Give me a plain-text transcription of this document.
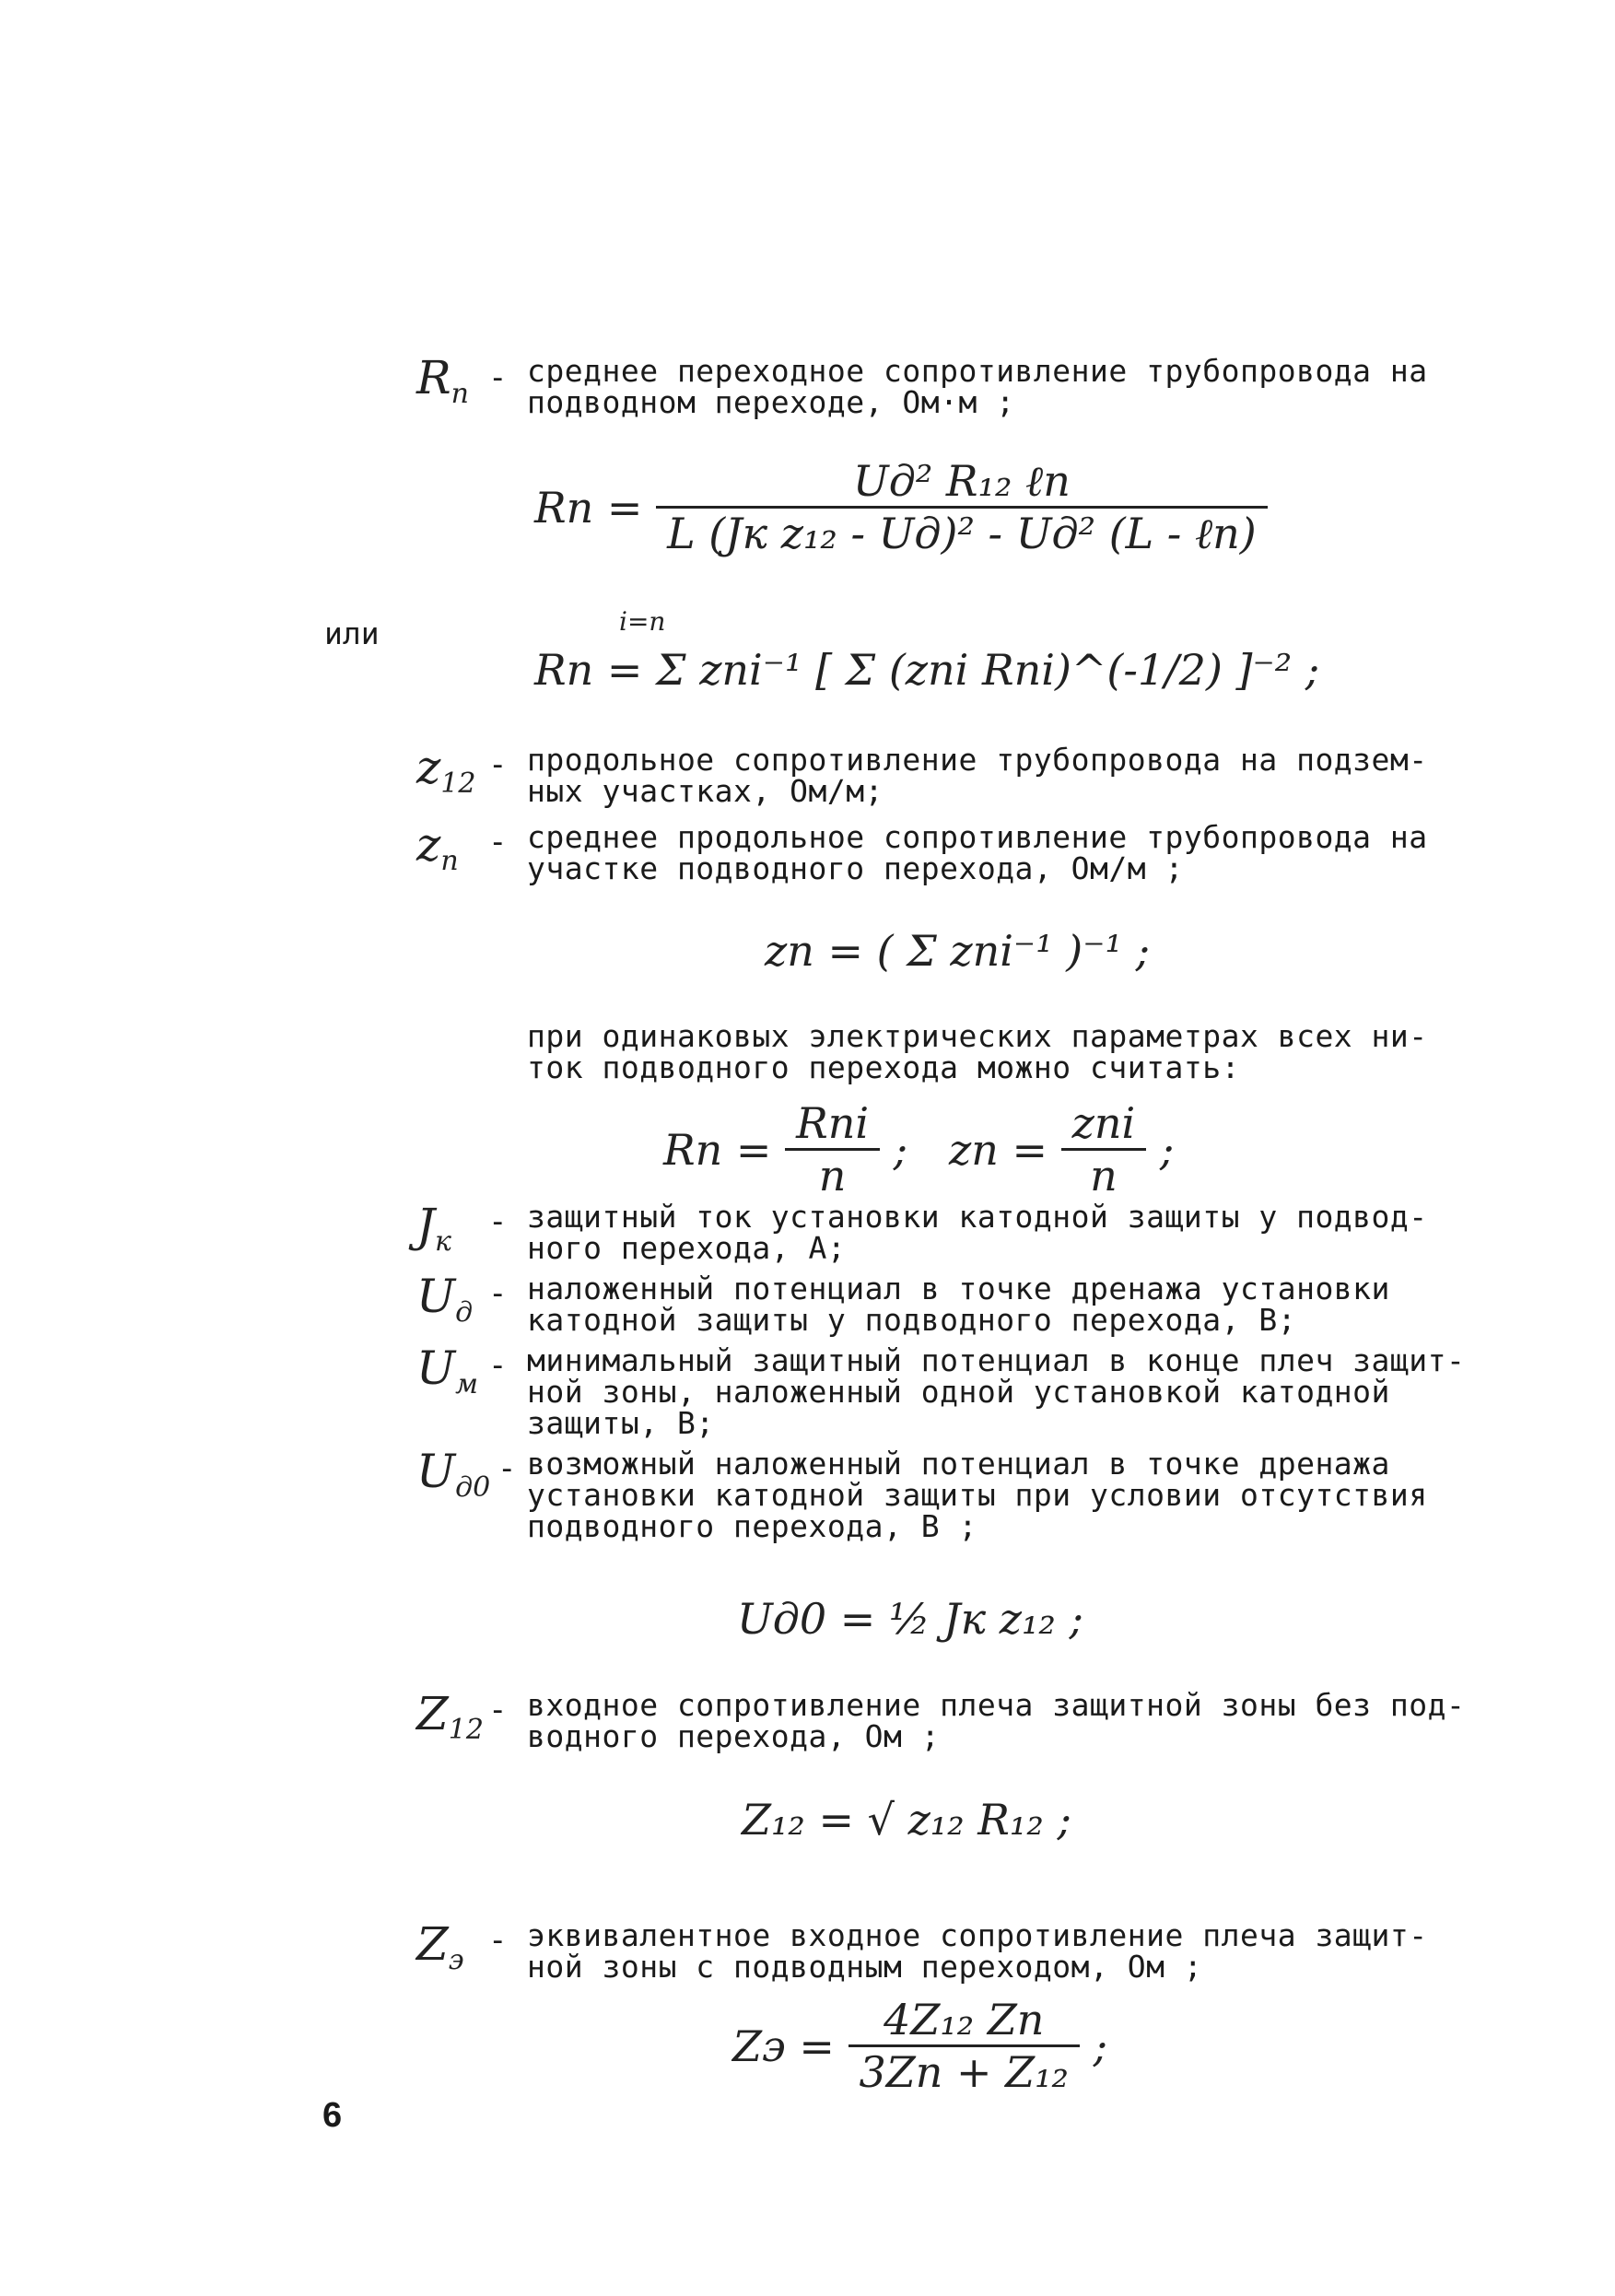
$R_п$ - среднее переходное сопротивление трубопровода на
подводном переходе, Ом·м ;
Rп = $\frac{\text{Uд² R₁₂ ℓп}}{\text{L (Jк z₁₂ - Uд)² - Uд² (L - ℓп)}}$
или
Rп = Σ zпi⁻¹ [ Σ (zпi Rпi)^(-1/2) ]⁻² ;
i=п
$z_{12}$
- продольное сопротивление трубопровода на подзем-
ных участках, Ом/м;
$z_п$
- среднее продольное сопротивление трубопровода на
участке подводного перехода, Ом/м ;
zп = ( Σ zпi⁻¹ )⁻¹ ;
при одинаковых электрических параметрах всех ни-
ток подводного перехода можно считать:
Rп = $\frac{\text{Rпi}}{п}$ ; zп = $\frac{\text{zпi}}{п}$ ;
$J_к$
- защитный ток установки катодной защиты у подвод-
ного перехода, А;
$U_д$
- наложенный потенциал в точке дренажа установки
катодной защиты у подводного перехода, В;
$U_м$
- минимальный защитный потенциал в конце плеч защит-
ной зоны, наложенный одной установкой катодной
защиты, В;
$U_{д0}$
- возможный наложенный потенциал в точке дренажа
установки катодной защиты при условии отсутствия
подводного перехода, В ;
Uд0 = ½ Jк z₁₂ ;
$Z_{12}$
- входное сопротивление плеча защитной зоны без под-
водного перехода, Ом ;
Z₁₂ = √ z₁₂ R₁₂ ;
$Z_э$
- эквивалентное входное сопротивление плеча защит-
ной зоны с подводным переходом, Ом ;
Zэ = $\frac{\text{4Z₁₂ Zп}}{\text{3Zп + Z₁₂}}$ ;
6
